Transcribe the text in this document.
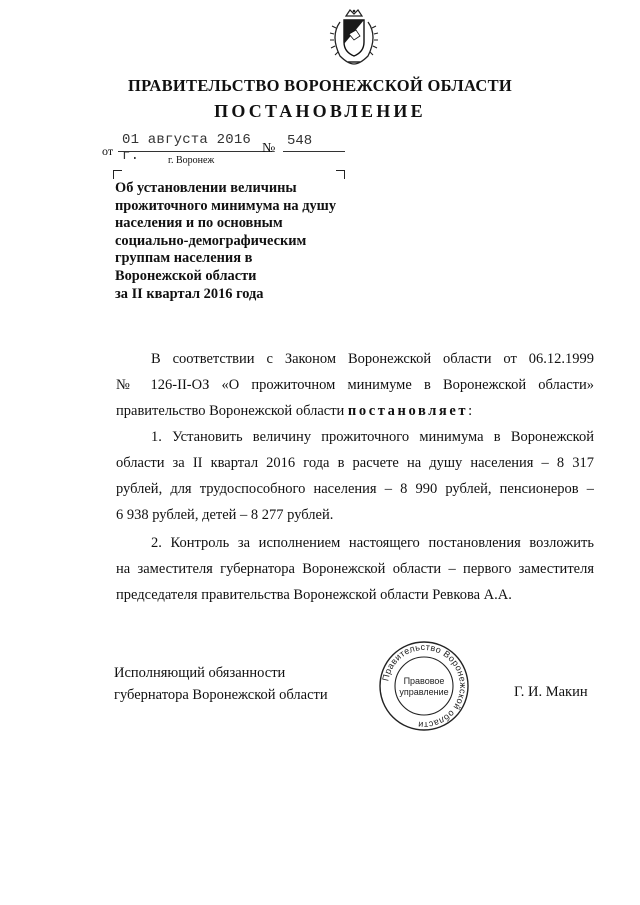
ПРАВИТЕЛЬСТВО ВОРОНЕЖСКОЙ ОБЛАСТИ
ПОСТАНОВЛЕНИЕ
от
01 августа 2016 г.	№ 548
г. Воронеж
Об установлении величины
прожиточного минимума на душу
населения и по основным
социально-демографическим
группам населения в
Воронежской области
за II квартал 2016 года
В соответствии с Законом Воронежской области от 06.12.1999
№ 126-II-ОЗ «О прожиточном минимуме в Воронежской области»
правительство Воронежской области постановляет:
1. Установить величину прожиточного минимума в Воронежской
области за II квартал 2016 года в расчете на душу населения – 8 317
рублей, для трудоспособного населения – 8 990 рублей, пенсионеров –
6 938 рублей, детей – 8 277 рублей.
2. Контроль за исполнением настоящего постановления возложить
на заместителя губернатора Воронежской области – первого заместителя
председателя правительства Воронежской области Ревкова А.А.
Исполняющий обязанности
губернатора Воронежской области
Правительство Воронежской области
Правовое
управление	Г. И. Макин
